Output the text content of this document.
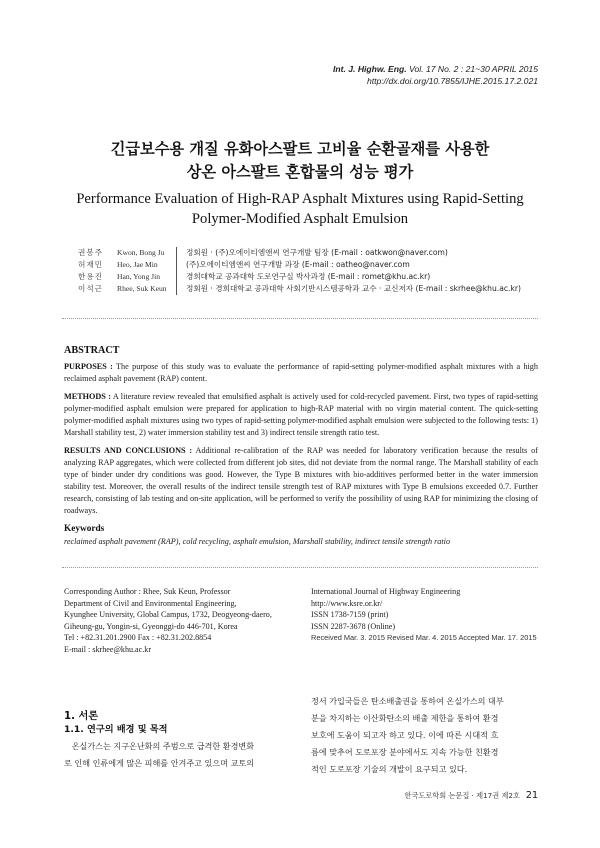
Int. J. Highw. Eng. Vol. 17 No. 2 : 21~30 APRIL 2015
http://dx.doi.org/10.7855/IJHE.2015.17.2.021
긴급보수용 개질 유화아스팔트 고비율 순환골재를 사용한
상온 아스팔트 혼합물의 성능 평가
Performance Evaluation of High-RAP Asphalt Mixtures using Rapid-Setting
Polymer-Modified Asphalt Emulsion
권봉주	Kwon, Bong Ju	정회원 · (주)오에이티엠앤씨 연구개발 팀장 (E-mail : oatkwon@naver.com)
허재민	Heo, Jae Min	(주)오에이티엠앤씨 연구개발 과장 (E-mail : oatheo@naver.com
한용진	Han, Yong Jin	경희대학교 공과대학 도로연구실 박사과정 (E-mail : romet@khu.ac.kr)
이석근	Rhee, Suk Keun	정회원 · 경희대학교 공과대학 사회기반시스템공학과 교수 · 교신저자 (E-mail : skrhee@khu.ac.kr)
ABSTRACT

PURPOSES : The purpose of this study was to evaluate the performance of rapid-setting polymer-modified asphalt mixtures with a high reclaimed asphalt pavement (RAP) content.

METHODS : A literature review revealed that emulsified asphalt is actively used for cold-recycled pavement. First, two types of rapid-setting polymer-modified asphalt emulsion were prepared for application to high-RAP material with no virgin material content. The quick-setting polymer-modified asphalt mixtures using two types of rapid-setting polymer-modified asphalt emulsion were subjected to the following tests: 1) Marshall stability test, 2) water immersion stability test and 3) indirect tensile strength ratio test.

RESULTS AND CONCLUSIONS : Additional re-calibration of the RAP was needed for laboratory verification because the results of analyzing RAP aggregates, which were collected from different job sites, did not deviate from the normal range. The Marshall stability of each type of binder under dry conditions was good. However, the Type B mixtures with bio-additives performed better in the water immersion stability test. Moreover, the overall results of the indirect tensile strength test of RAP mixtures with Type B emulsions exceeded 0.7. Further research, consisting of lab testing and on-site application, will be performed to verify the possibility of using RAP for minimizing the closing of roadways.

Keywords
reclaimed asphalt pavement (RAP), cold recycling, asphalt emulsion, Marshall stability, indirect tensile strength ratio
Corresponding Author : Rhee, Suk Keun, Professor
Department of Civil and Environmental Engineering,
Kyunghee University, Global Campus, 1732, Deogyeong-daero,
Giheung-gu, Yongin-si, Gyeonggi-do 446-701, Korea
Tel : +82.31.201.2900 Fax : +82.31.202.8854
E-mail : skrhee@khu.ac.kr
International Journal of Highway Engineering
http://www.ksre.or.kr/
ISSN 1738-7159 (print)
ISSN 2287-3678 (Online)
Received Mar. 3. 2015 Revised Mar. 4. 2015 Accepted Mar. 17. 2015
1. 서론
1.1. 연구의 배경 및 목적
온실가스는 지구온난화의 주범으로 급격한 환경변화
로 인해 인류에게 많은 피해를 안겨주고 있으며 교토의
정서 가입국들은 탄소배출권을 통하여 온실가스의 대부
분을 차지하는 이산화탄소의 배출 제한을 통하여 환경
보호에 도움이 되고자 하고 있다. 이에 따른 시대적 흐
름에 맞추어 도로포장 분야에서도 지속 가능한 친환경
적인 도로포장 기술의 개발이 요구되고 있다.
한국도로학회 논문집 · 제17권 제2호 21
